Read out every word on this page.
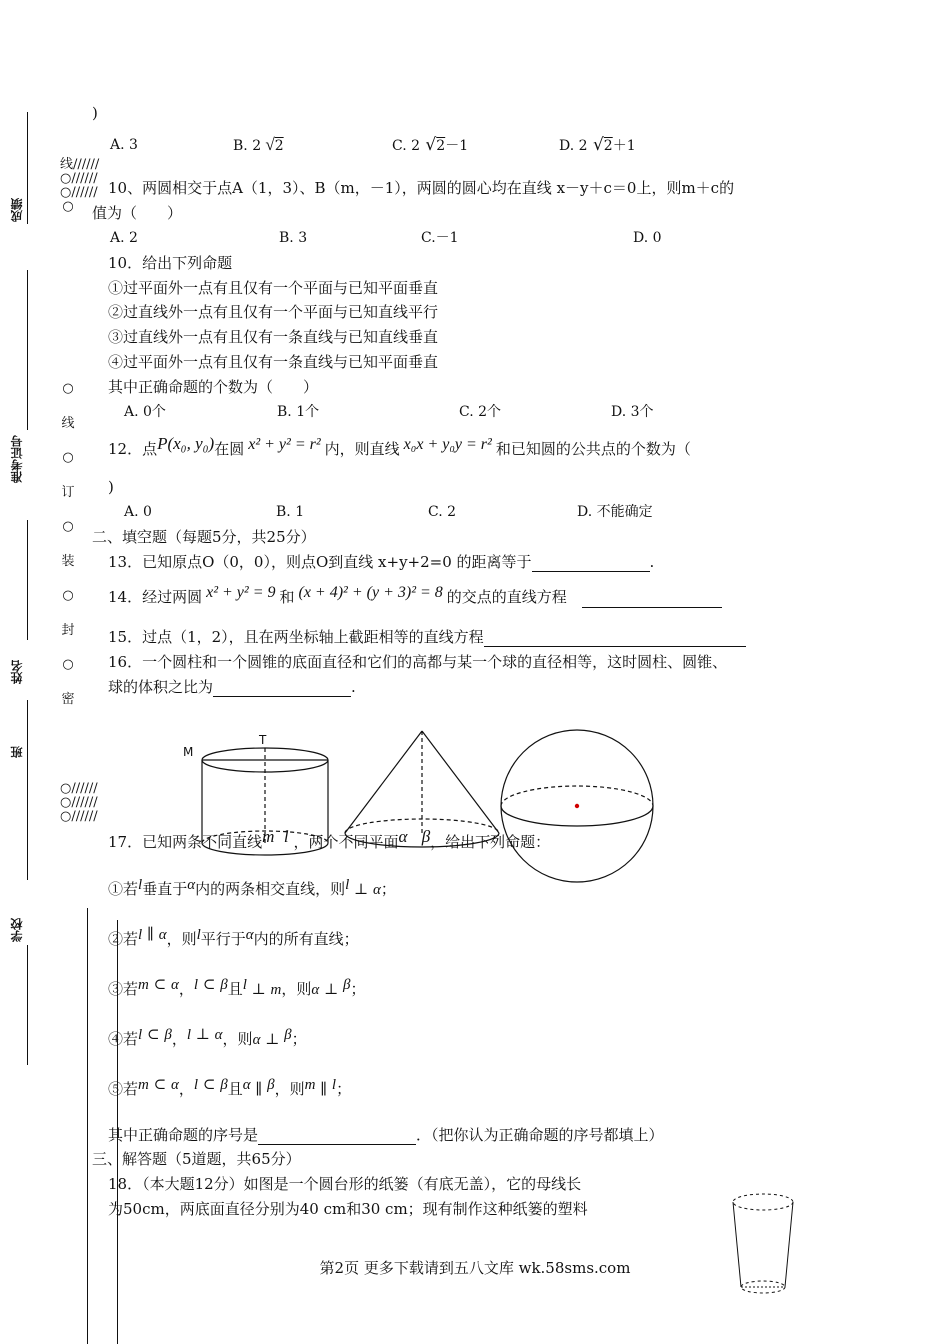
成绩
准考证号
姓名
班
学校
线//////○//////○//////○
○线○订○装○封○密
○//////○//////○//////
)
A. 3	B. 2 √2	C. 2 √2－1	D. 2 √2＋1
10、两圆相交于点A（1，3）、B（m，－1），两圆的圆心均在直线 x－y＋c＝0上，则m＋c的
值为（　　）
A. 2	B. 3	C.－1	D. 0
10．给出下列命题
①过平面外一点有且仅有一个平面与已知平面垂直
②过直线外一点有且仅有一个平面与已知直线平行
③过直线外一点有且仅有一条直线与已知直线垂直
④过平面外一点有且仅有一条直线与已知平面垂直
其中正确命题的个数为（　　）
A. 0个	B. 1个	C. 2个	D. 3个
12．点P(x₀, y₀)在圆 x² + y² = r² 内，则直线 x₀x + y₀y = r² 和已知圆的公共点的个数为（
)
A. 0	B. 1	C. 2	D. 不能确定
二、填空题（每题5分，共25分）
13．已知原点O（0，0），则点O到直线 x+y+2=0 的距离等于	.
14．经过两圆 x² + y² = 9 和 (x + 4)² + (y + 3)² = 8 的交点的直线方程
15．过点（1，2），且在两坐标轴上截距相等的直线方程
16．一个圆柱和一个圆锥的底面直径和它们的高都与某一个球的直径相等，这时圆柱、圆锥、
球的体积之比为	.
M
T
17．已知两条不同直线m l ，两个不同平面α β，给出下列命题：
①若l垂直于α内的两条相交直线，则l ⊥ α；
②若l ∥ α，则l平行于α内的所有直线；
③若m ⊂ α，l ⊂ β且l ⊥ m，则α ⊥ β；
④若l ⊂ β，l ⊥ α，则α ⊥ β；
⑤若m ⊂ α，l ⊂ β且α ∥ β，则m ∥ l；
其中正确命题的序号是	．（把你认为正确命题的序号都填上）
三、解答题（5道题，共65分）
18．（本大题12分）如图是一个圆台形的纸篓（有底无盖），它的母线长
为50cm，两底面直径分别为40 cm和30 cm；现有制作这种纸篓的塑料
第2页 更多下载请到五八文库 wk.58sms.com
